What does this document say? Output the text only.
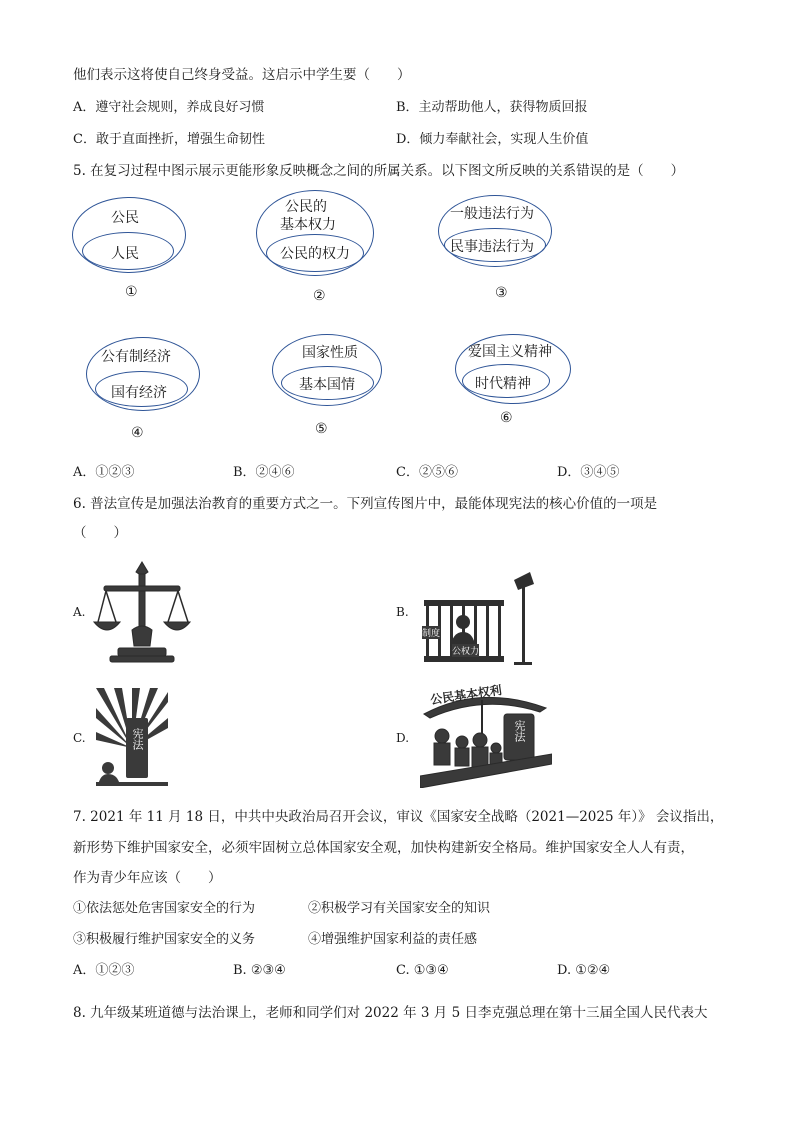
他们表示这将使自己终身受益。这启示中学生要（　　）
A．遵守社会规则，养成良好习惯	B．主动帮助他人，获得物质回报
C．敢于直面挫折，增强生命韧性	D．倾力奉献社会，实现人生价值
5. 在复习过程中图示展示更能形象反映概念之间的所属关系。以下图文所反映的关系错误的是（　　）
公民
人民
①
公民的
基本权力
公民的权力
②
一般违法行为
民事违法行为
③
公有制经济
国有经济
④
国家性质
基本国情
⑤
爱国主义精神
时代精神
⑥
A．①②③	B．②④⑥	C．②⑤⑥	D．③④⑤
6. 普法宣传是加强法治教育的重要方式之一。下列宣传图片中，最能体现宪法的核心价值的一项是
（　　）
A.	B.
制度
公权力
C.	宪法	D.
公民基本权利
宪法
7. 2021 年 11 月 18 日，中共中央政治局召开会议，审议《国家安全战略（2021—2025 年）》 会议指出，
新形势下维护国家安全，必须牢固树立总体国家安全观，加快构建新安全格局。维护国家安全人人有责，
作为青少年应该（　　）
①依法惩处危害国家安全的行为	②积极学习有关国家安全的知识
③积极履行维护国家安全的义务	④增强维护国家利益的责任感
A．①②③	B. ②③④	C. ①③④	D. ①②④
8. 九年级某班道德与法治课上，老师和同学们对 2022 年 3 月 5 日李克强总理在第十三届全国人民代表大
